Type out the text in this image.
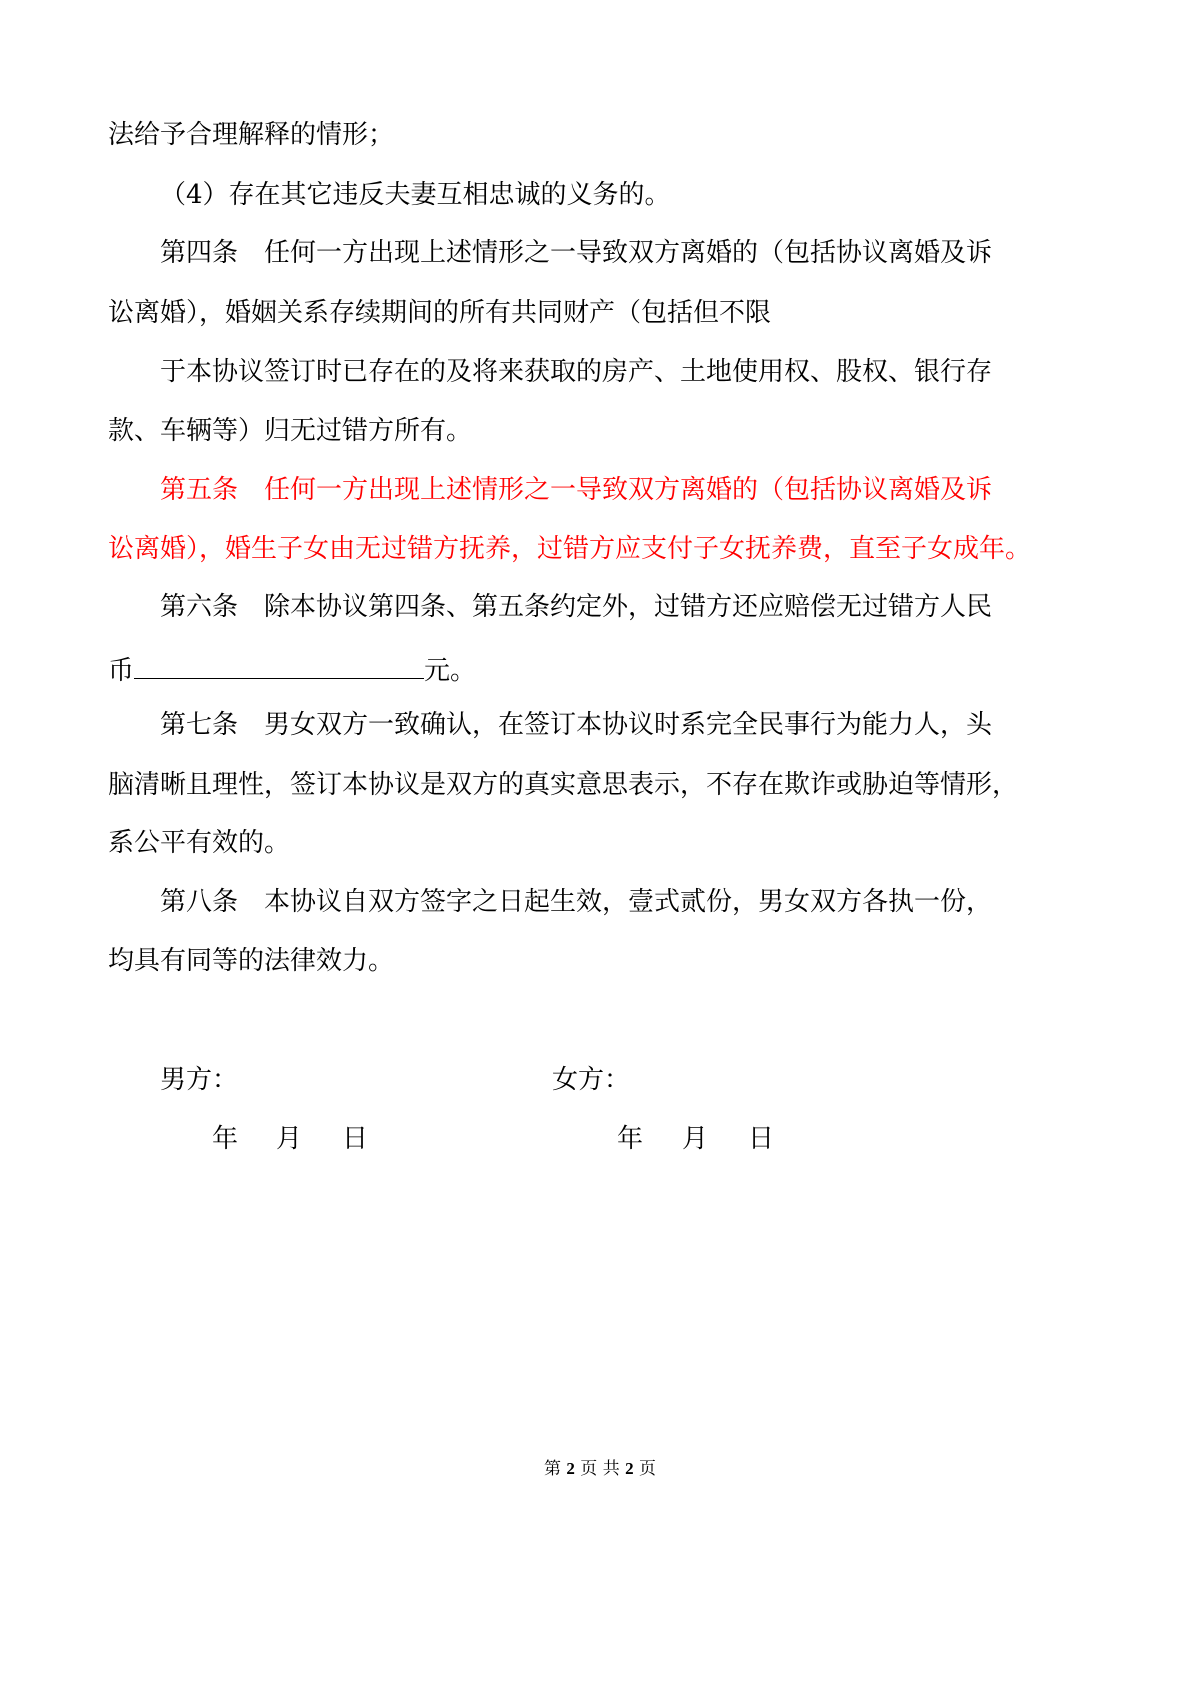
法给予合理解释的情形；
（4）存在其它违反夫妻互相忠诚的义务的。
第四条　任何一方出现上述情形之一导致双方离婚的（包括协议离婚及诉
讼离婚），婚姻关系存续期间的所有共同财产（包括但不限
于本协议签订时已存在的及将来获取的房产、土地使用权、股权、银行存
款、车辆等）归无过错方所有。
第五条　任何一方出现上述情形之一导致双方离婚的（包括协议离婚及诉
讼离婚），婚生子女由无过错方抚养，过错方应支付子女抚养费，直至子女成年。
第六条　除本协议第四条、第五条约定外，过错方还应赔偿无过错方人民
币	元。
第七条　男女双方一致确认，在签订本协议时系完全民事行为能力人，头
脑清晰且理性，签订本协议是双方的真实意思表示，不存在欺诈或胁迫等情形，
系公平有效的。
第八条　本协议自双方签字之日起生效，壹式贰份，男女双方各执一份，
均具有同等的法律效力。
男方：	女方：
年 月 日	年 月 日
第 2 页 共 2 页
